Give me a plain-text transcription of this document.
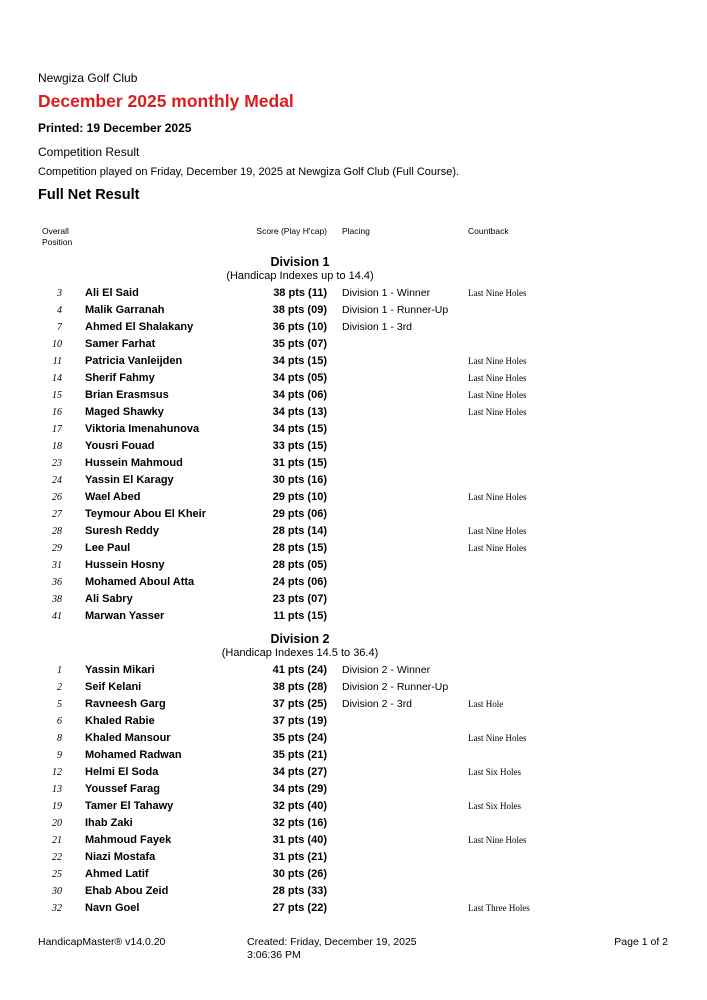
Newgiza Golf Club
December 2025 monthly Medal
Printed: 19 December 2025
Competition Result
Competition played on Friday, December 19, 2025 at Newgiza Golf Club (Full Course).
Full Net Result
Overall
Position
Score (Play H'cap)	Placing	Countback
Division 1
(Handicap Indexes up to 14.4)
3	Ali El Said	38 pts (11)	Division 1 - Winner	Last Nine Holes
4	Malik Garranah	38 pts (09)	Division 1 - Runner-Up
7	Ahmed El Shalakany	36 pts (10)	Division 1 - 3rd
10	Samer Farhat	35 pts (07)
11	Patricia Vanleijden	34 pts (15)	Last Nine Holes
14	Sherif Fahmy	34 pts (05)	Last Nine Holes
15	Brian Erasmsus	34 pts (06)	Last Nine Holes
16	Maged Shawky	34 pts (13)	Last Nine Holes
17	Viktoria Imenahunova	34 pts (15)
18	Yousri Fouad	33 pts (15)
23	Hussein Mahmoud	31 pts (15)
24	Yassin El Karagy	30 pts (16)
26	Wael Abed	29 pts (10)	Last Nine Holes
27	Teymour Abou El Kheir	29 pts (06)
28	Suresh Reddy	28 pts (14)	Last Nine Holes
29	Lee Paul	28 pts (15)	Last Nine Holes
31	Hussein Hosny	28 pts (05)
36	Mohamed Aboul Atta	24 pts (06)
38	Ali Sabry	23 pts (07)
41	Marwan Yasser	11 pts (15)
Division 2
(Handicap Indexes 14.5 to 36.4)
1	Yassin Mikari	41 pts (24)	Division 2 - Winner
2	Seif Kelani	38 pts (28)	Division 2 - Runner-Up
5	Ravneesh Garg	37 pts (25)	Division 2 - 3rd	Last Hole
6	Khaled Rabie	37 pts (19)
8	Khaled Mansour	35 pts (24)	Last Nine Holes
9	Mohamed Radwan	35 pts (21)
12	Helmi El Soda	34 pts (27)	Last Six Holes
13	Youssef Farag	34 pts (29)
19	Tamer El Tahawy	32 pts (40)	Last Six Holes
20	Ihab Zaki	32 pts (16)
21	Mahmoud Fayek	31 pts (40)	Last Nine Holes
22	Niazi Mostafa	31 pts (21)
25	Ahmed Latif	30 pts (26)
30	Ehab Abou Zeid	28 pts (33)
32	Navn Goel	27 pts (22)	Last Three Holes
HandicapMaster® v14.0.20	Created: Friday, December 19, 2025 3:06:36 PM
Page 1 of 2
